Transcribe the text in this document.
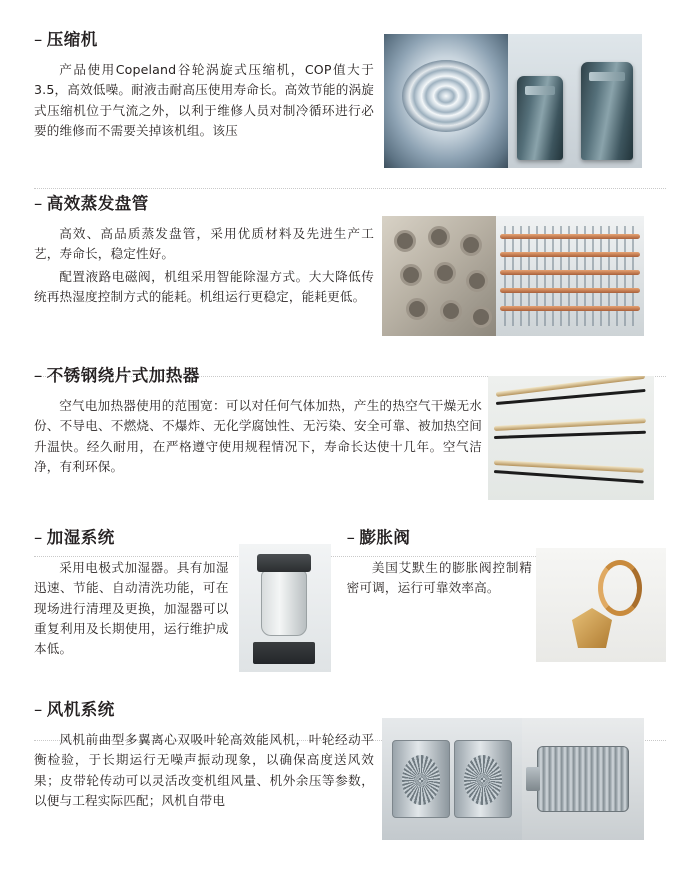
– 压缩机

产品使用Copeland谷轮涡旋式压缩机，COP值大于3.5，高效低噪。耐液击耐高压使用寿命长。高效节能的涡旋式压缩机位于气流之外，以利于维修人员对制冷循环进行必要的维修而不需要关掉该机组。该压

– 高效蒸发盘管

高效、高品质蒸发盘管，采用优质材料及先进生产工艺，寿命长，稳定性好。

配置液路电磁阀，机组采用智能除湿方式。大大降低传统再热湿度控制方式的能耗。机组运行更稳定，能耗更低。

– 不锈钢绕片式加热器

空气电加热器使用的范围宽：可以对任何气体加热，产生的热空气干燥无水份、不导电、不燃烧、不爆炸、无化学腐蚀性、无污染、安全可靠、被加热空间升温快。经久耐用，在严格遵守使用规程情况下，寿命长达使十几年。空气洁净，有利环保。

– 加湿系统

采用电极式加湿器。具有加湿迅速、节能、自动清洗功能，可在现场进行清理及更换，加湿器可以重复利用及长期使用，运行维护成本低。

– 膨胀阀

美国艾默生的膨胀阀控制精密可调，运行可靠效率高。

– 风机系统

风机前曲型多翼离心双吸叶轮高效能风机，叶轮经动平衡检验，于长期运行无噪声振动现象，以确保高度送风效果；皮带轮传动可以灵活改变机组风量、机外余压等参数，以便与工程实际匹配；风机自带电
